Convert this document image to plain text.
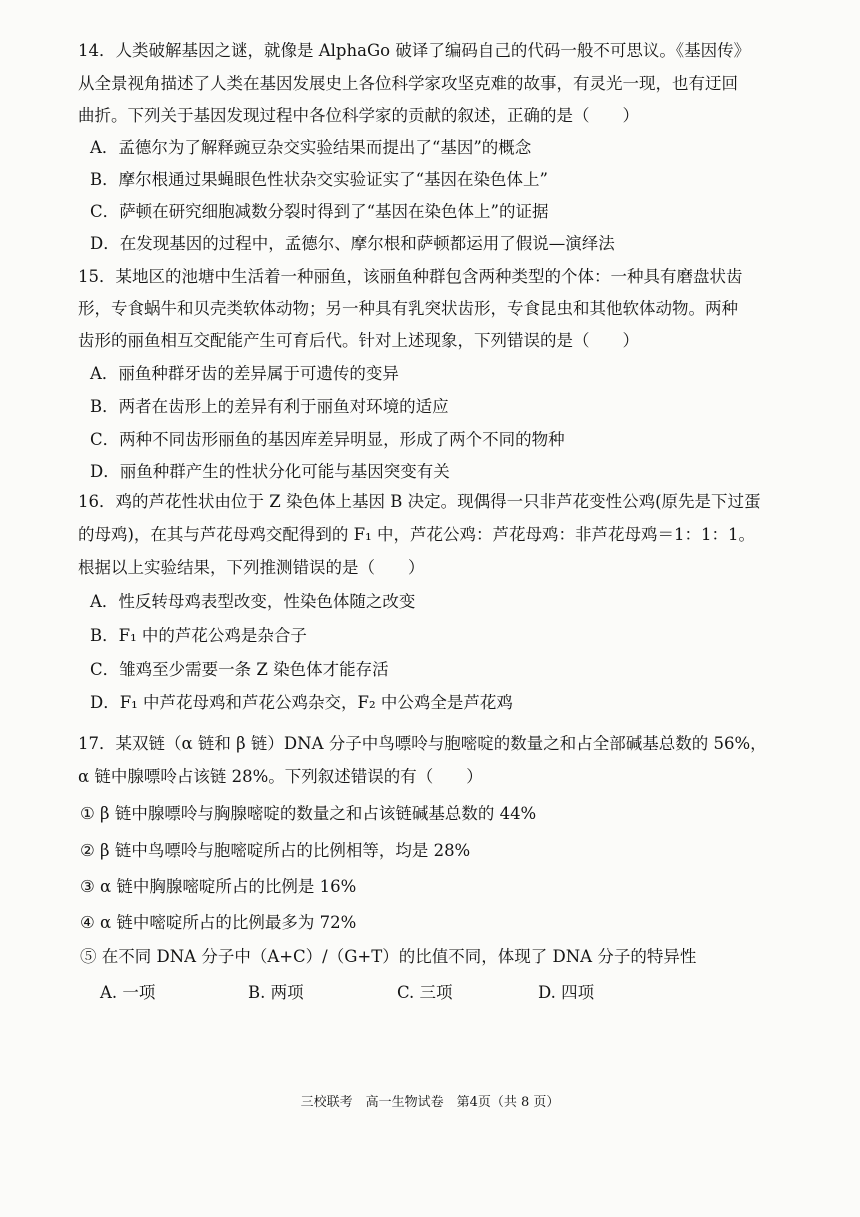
14．人类破解基因之谜，就像是 AlphaGo 破译了编码自己的代码一般不可思议。《基因传》
从全景视角描述了人类在基因发展史上各位科学家攻坚克难的故事，有灵光一现，也有迂回
曲折。下列关于基因发现过程中各位科学家的贡献的叙述，正确的是（　　）
A．孟德尔为了解释豌豆杂交实验结果而提出了“基因”的概念
B．摩尔根通过果蝇眼色性状杂交实验证实了“基因在染色体上”
C．萨顿在研究细胞减数分裂时得到了“基因在染色体上”的证据
D．在发现基因的过程中，孟德尔、摩尔根和萨顿都运用了假说—演绎法
15．某地区的池塘中生活着一种丽鱼，该丽鱼种群包含两种类型的个体：一种具有磨盘状齿
形，专食蜗牛和贝壳类软体动物；另一种具有乳突状齿形，专食昆虫和其他软体动物。两种
齿形的丽鱼相互交配能产生可育后代。针对上述现象，下列错误的是（　　）
A．丽鱼种群牙齿的差异属于可遗传的变异
B．两者在齿形上的差异有利于丽鱼对环境的适应
C．两种不同齿形丽鱼的基因库差异明显，形成了两个不同的物种
D．丽鱼种群产生的性状分化可能与基因突变有关
16．鸡的芦花性状由位于 Z 染色体上基因 B 决定。现偶得一只非芦花变性公鸡(原先是下过蛋
的母鸡)，在其与芦花母鸡交配得到的 F₁ 中，芦花公鸡：芦花母鸡：非芦花母鸡＝1：1：1。
根据以上实验结果，下列推测错误的是（　　）
A．性反转母鸡表型改变，性染色体随之改变
B．F₁ 中的芦花公鸡是杂合子
C．雏鸡至少需要一条 Z 染色体才能存活
D．F₁ 中芦花母鸡和芦花公鸡杂交，F₂ 中公鸡全是芦花鸡
17．某双链（α 链和 β 链）DNA 分子中鸟嘌呤与胞嘧啶的数量之和占全部碱基总数的 56%，
α 链中腺嘌呤占该链 28%。下列叙述错误的有（　　）
① β 链中腺嘌呤与胸腺嘧啶的数量之和占该链碱基总数的 44%
② β 链中鸟嘌呤与胞嘧啶所占的比例相等，均是 28%
③ α 链中胸腺嘧啶所占的比例是 16%
④ α 链中嘧啶所占的比例最多为 72%
⑤ 在不同 DNA 分子中（A+C）/（G+T）的比值不同，体现了 DNA 分子的特异性
A. 一项	B. 两项	C. 三项	D. 四项
三校联考　高一生物试卷　第4页（共 8 页）
